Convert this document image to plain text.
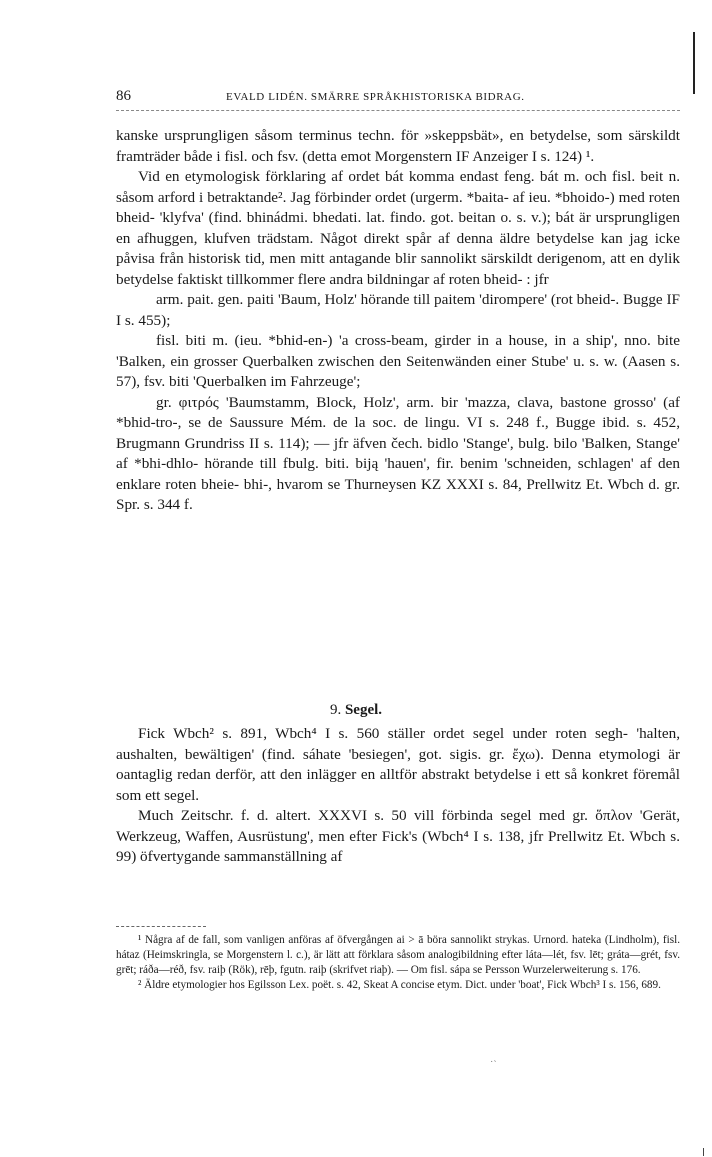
86	EVALD LIDÉN. SMÄRRE SPRÅKHISTORISKA BIDRAG.

kanske ursprungligen såsom terminus techn. för »skeppsbät», en betydelse, som särskildt framträder både i fisl. och fsv. (detta emot Morgenstern IF Anzeiger I s. 124) ¹.

Vid en etymologisk förklaring af ordet bát komma endast feng. bát m. och fisl. beit n. såsom arford i betraktande². Jag förbinder ordet (urgerm. *baita- af ieu. *bhoido-) med roten bheid- 'klyfva' (find. bhinádmi. bhedati. lat. findo. got. beitan o. s. v.); bát är ursprungligen en afhuggen, klufven trädstam. Något direkt spår af denna äldre betydelse kan jag icke påvisa från historisk tid, men mitt antagande blir sannolikt särskildt derigenom, att en dylik betydelse faktiskt tillkommer flere andra bildningar af roten bheid- : jfr

arm. pait. gen. paiti 'Baum, Holz' hörande till paitem 'dirompere' (rot bheid-. Bugge IF I s. 455);

fisl. biti m. (ieu. *bhid-en-) 'a cross-beam, girder in a house, in a ship', nno. bite 'Balken, ein grosser Querbalken zwischen den Seitenwänden einer Stube' u. s. w. (Aasen s. 57), fsv. biti 'Querbalken im Fahrzeuge';

gr. φιτρός 'Baumstamm, Block, Holz', arm. bir 'mazza, clava, bastone grosso' (af *bhid-tro-, se de Saussure Mém. de la soc. de lingu. VI s. 248 f., Bugge ibid. s. 452, Brugmann Grundriss II s. 114); — jfr äfven čech. bidlo 'Stange', bulg. bilo 'Balken, Stange' af *bhi-dhlo- hörande till fbulg. biti. biją 'hauen', fir. benim 'schneiden, schlagen' af den enklare roten bheie- bhi-, hvarom se Thurneysen KZ XXXI s. 84, Prellwitz Et. Wbch d. gr. Spr. s. 344 f.

9. Segel.

Fick Wbch² s. 891, Wbch⁴ I s. 560 ställer ordet segel under roten segh- 'halten, aushalten, bewältigen' (find. sáhate 'besiegen', got. sigis. gr. ἔχω). Denna etymologi är oantaglig redan derför, att den inlägger en alltför abstrakt betydelse i ett så konkret föremål som ett segel.

Much Zeitschr. f. d. altert. XXXVI s. 50 vill förbinda segel med gr. ὅπλον 'Gerät, Werkzeug, Waffen, Ausrüstung', men efter Fick's (Wbch⁴ I s. 138, jfr Prellwitz Et. Wbch s. 99) öfvertygande sammanställning af

¹ Några af de fall, som vanligen anföras af öfvergången ai > ā böra sannolikt strykas. Urnord. hateka (Lindholm), fisl. hátaz (Heimskringla, se Morgenstern l. c.), är lätt att förklara såsom analogibildning efter láta—lét, fsv. lēt; gráta—grét, fsv. grēt; ráða—réð, fsv. raiþ (Rök), rēþ, fgutn. raiþ (skrifvet riaþ). — Om fisl. sápa se Persson Wurzelerweiterung s. 176.

² Äldre etymologier hos Egilsson Lex. poët. s. 42, Skeat A concise etym. Dict. under 'boat', Fick Wbch³ I s. 156, 689.

˙ˋ
